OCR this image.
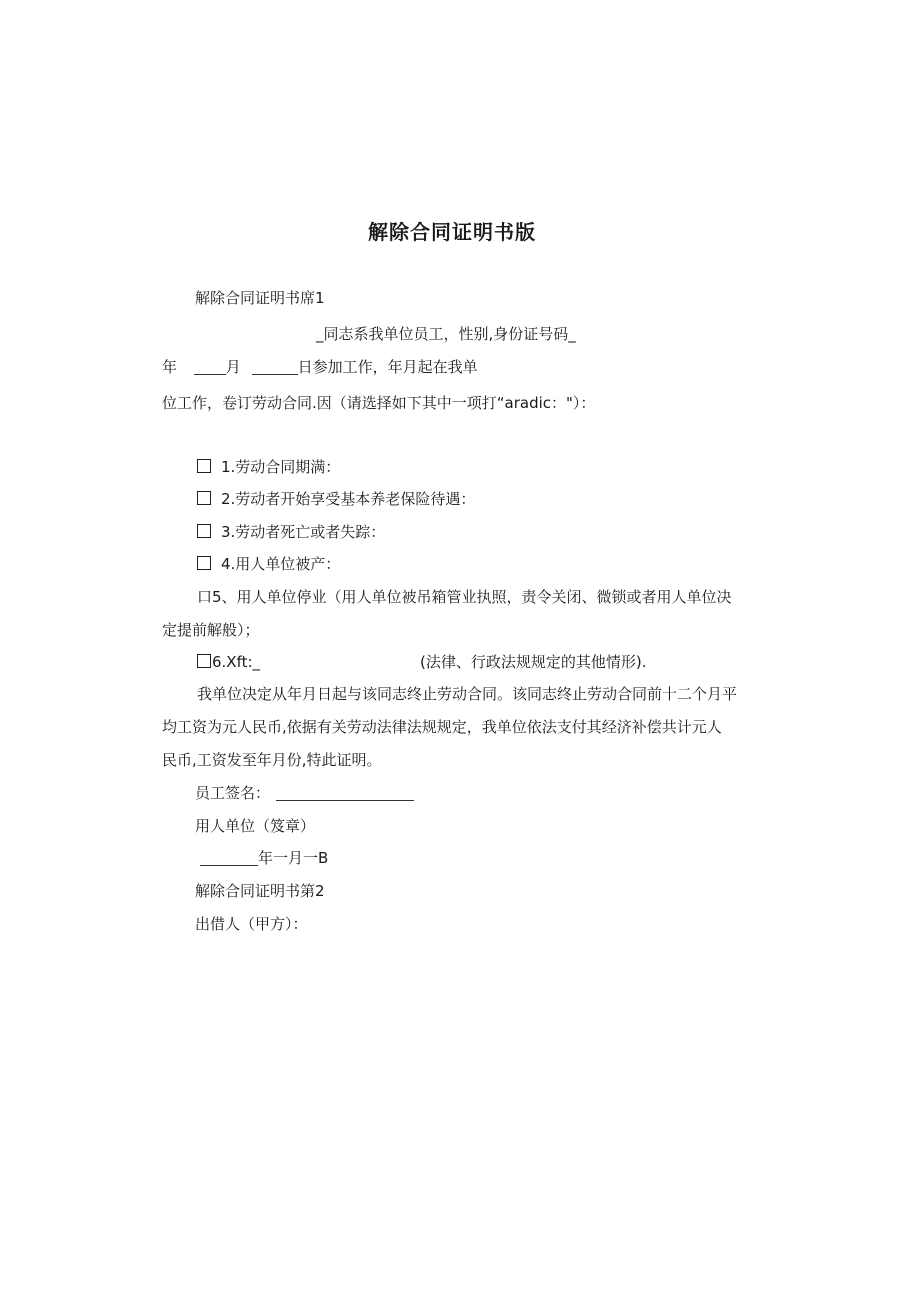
解除合同证明书版
解除合同证明书席1
_同志系我单位员工，性别,身份证号码_
年	月	日参加工作，年月起在我单
位工作，卷订劳动合同.因（请选择如下其中一项打“aradic："）：
1.劳动合同期满：
2.劳动者开始享受基本养老保险待遇：
3.劳动者死亡或者失踪：
4.用人单位被产：
口5、用人单位停业（用人单位被吊箱管业执照，责令关闭、微锁或者用人单位决
定提前解般）；
6.Xft:_	(法律、行政法规规定的其他情形).
我单位决定从年月日起与该同志终止劳动合同。该同志终止劳动合同前十二个月平
均工资为元人民币,依据有关劳动法律法规规定，我单位依法支付其经济补偿共计元人
民币,工资发至年月份,特此证明。
员工签名：
用人单位（笈章）
年一月一B
解除合同证明书第2
出借人（甲方）：
